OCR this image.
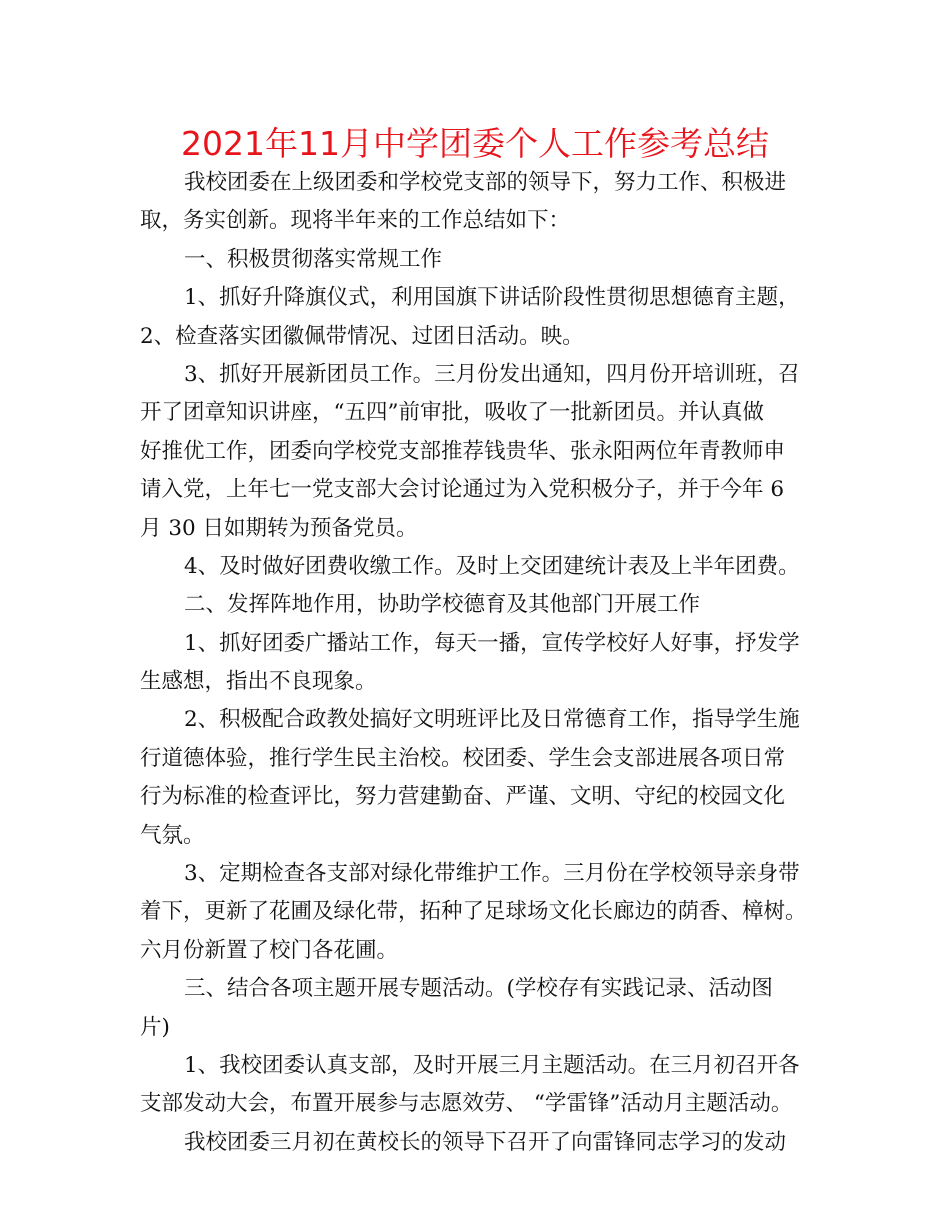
2021年11月中学团委个人工作参考总结
我校团委在上级团委和学校党支部的领导下，努力工作、积极进
取，务实创新。现将半年来的工作总结如下：
一、积极贯彻落实常规工作
1、抓好升降旗仪式，利用国旗下讲话阶段性贯彻思想德育主题，
2、检查落实团徽佩带情况、过团日活动。映。
3、抓好开展新团员工作。三月份发出通知，四月份开培训班，召
开了团章知识讲座，“五四”前审批，吸收了一批新团员。并认真做
好推优工作，团委向学校党支部推荐钱贵华、张永阳两位年青教师申
请入党，上年七一党支部大会讨论通过为入党积极分子，并于今年 6
月 30 日如期转为预备党员。
4、及时做好团费收缴工作。及时上交团建统计表及上半年团费。
二、发挥阵地作用，协助学校德育及其他部门开展工作
1、抓好团委广播站工作，每天一播，宣传学校好人好事，抒发学
生感想，指出不良现象。
2、积极配合政教处搞好文明班评比及日常德育工作，指导学生施
行道德体验，推行学生民主治校。校团委、学生会支部进展各项日常
行为标准的检查评比，努力营建勤奋、严谨、文明、守纪的校园文化
气氛。
3、定期检查各支部对绿化带维护工作。三月份在学校领导亲身带
着下，更新了花圃及绿化带，拓种了足球场文化长廊边的荫香、樟树。
六月份新置了校门各花圃。
三、结合各项主题开展专题活动。(学校存有实践记录、活动图
片)
1、我校团委认真支部，及时开展三月主题活动。在三月初召开各
支部发动大会，布置开展参与志愿效劳、 “学雷锋”活动月主题活动。
我校团委三月初在黄校长的领导下召开了向雷锋同志学习的发动
